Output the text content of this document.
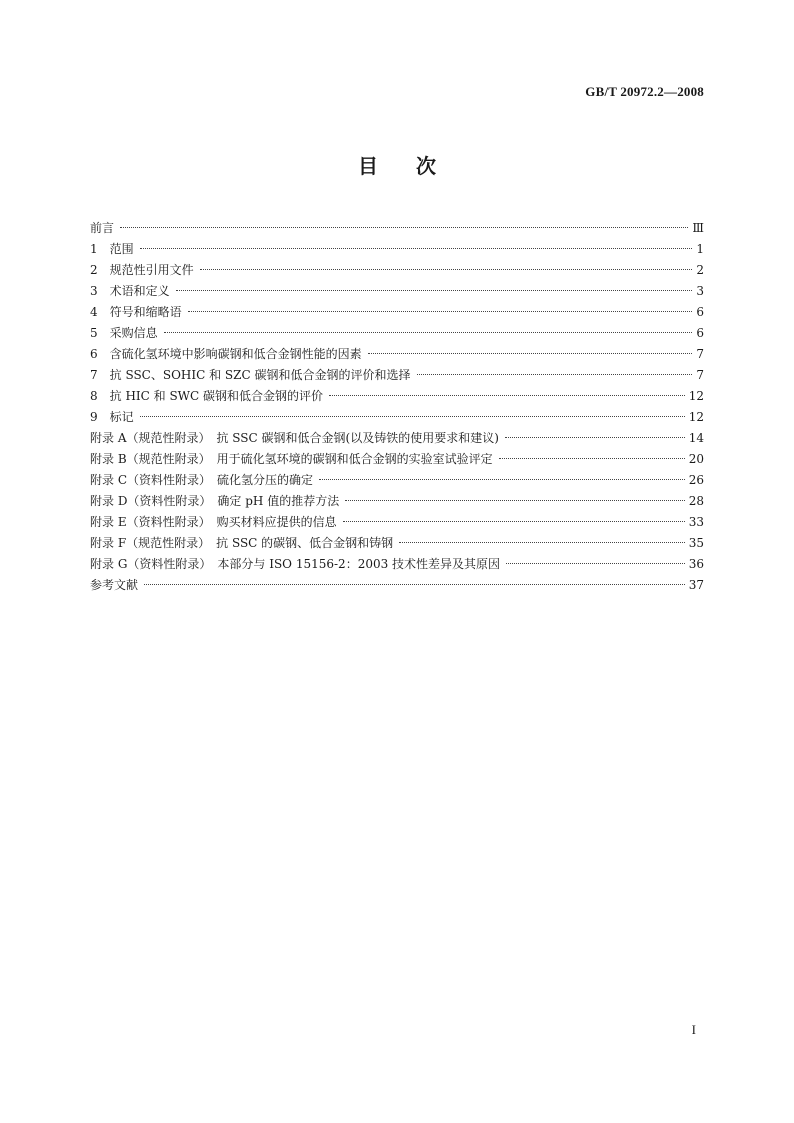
GB/T 20972.2—2008
目次
前言	Ⅲ
1　范围	1
2　规范性引用文件	2
3　术语和定义	3
4　符号和缩略语	6
5　采购信息	6
6　含硫化氢环境中影响碳钢和低合金钢性能的因素	7
7　抗 SSC、SOHIC 和 SZC 碳钢和低合金钢的评价和选择	7
8　抗 HIC 和 SWC 碳钢和低合金钢的评价	12
9　标记	12
附录 A（规范性附录）　抗 SSC 碳钢和低合金钢(以及铸铁的使用要求和建议)	14
附录 B（规范性附录）　用于硫化氢环境的碳钢和低合金钢的实验室试验评定	20
附录 C（资料性附录）　硫化氢分压的确定	26
附录 D（资料性附录）　确定 pH 值的推荐方法	28
附录 E（资料性附录）　购买材料应提供的信息	33
附录 F（规范性附录）　抗 SSC 的碳钢、低合金钢和铸钢	35
附录 G（资料性附录）　本部分与 ISO 15156-2：2003 技术性差异及其原因	36
参考文献	37
I
